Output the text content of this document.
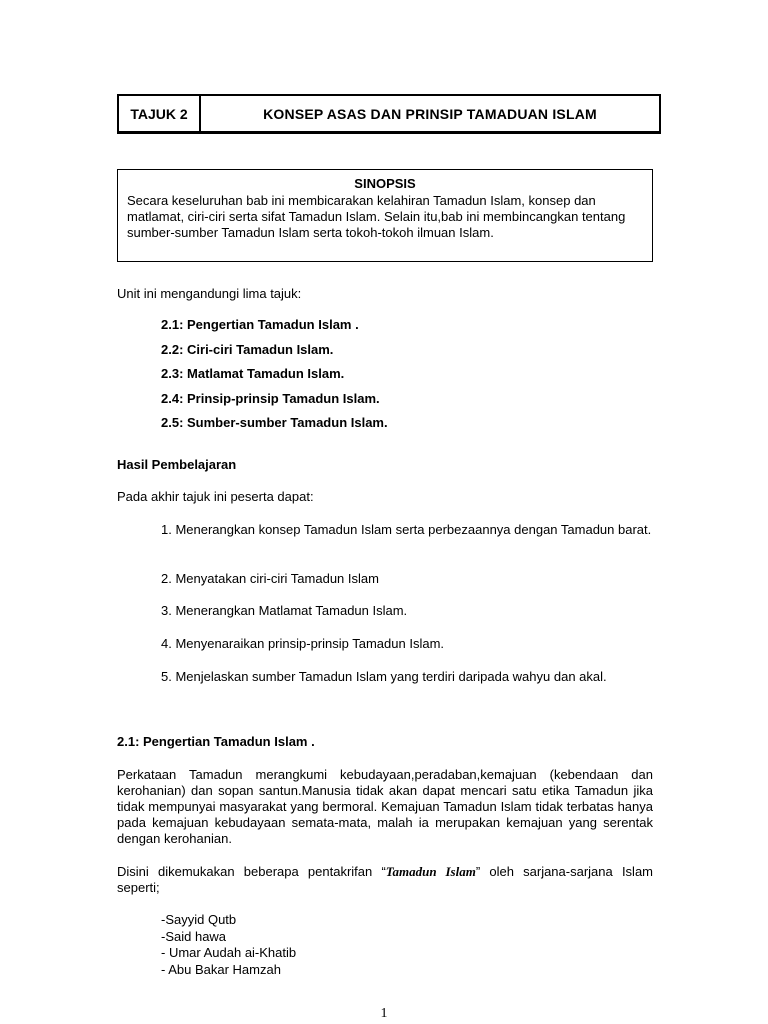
TAJUK 2	KONSEP ASAS DAN PRINSIP TAMADUAN ISLAM
SINOPSIS
Secara keseluruhan bab ini membicarakan kelahiran Tamadun Islam, konsep dan matlamat, ciri-ciri serta sifat Tamadun Islam. Selain itu,bab ini membincangkan tentang sumber-sumber Tamadun Islam serta tokoh-tokoh ilmuan Islam.
Unit ini mengandungi lima tajuk:
2.1: Pengertian Tamadun Islam .
2.2: Ciri-ciri Tamadun Islam.
2.3: Matlamat Tamadun Islam.
2.4: Prinsip-prinsip Tamadun Islam.
2.5: Sumber-sumber Tamadun Islam.
Hasil Pembelajaran
Pada akhir tajuk ini peserta dapat:
1. Menerangkan konsep Tamadun Islam serta perbezaannya dengan Tamadun barat.
2. Menyatakan ciri-ciri Tamadun Islam
3. Menerangkan Matlamat Tamadun Islam.
4. Menyenaraikan prinsip-prinsip Tamadun Islam.
5. Menjelaskan sumber Tamadun Islam yang terdiri daripada wahyu dan akal.
2.1: Pengertian Tamadun Islam .
Perkataan Tamadun merangkumi kebudayaan,peradaban,kemajuan (kebendaan dan kerohanian) dan sopan santun.Manusia tidak akan dapat mencari satu etika Tamadun jika tidak mempunyai masyarakat yang bermoral. Kemajuan Tamadun Islam tidak terbatas hanya pada kemajuan kebudayaan semata-mata, malah ia merupakan kemajuan yang serentak dengan kerohanian.
Disini dikemukakan beberapa pentakrifan “Tamadun Islam” oleh sarjana-sarjana Islam seperti;
-Sayyid Qutb
-Said hawa
- Umar Audah ai-Khatib
- Abu Bakar Hamzah
1
